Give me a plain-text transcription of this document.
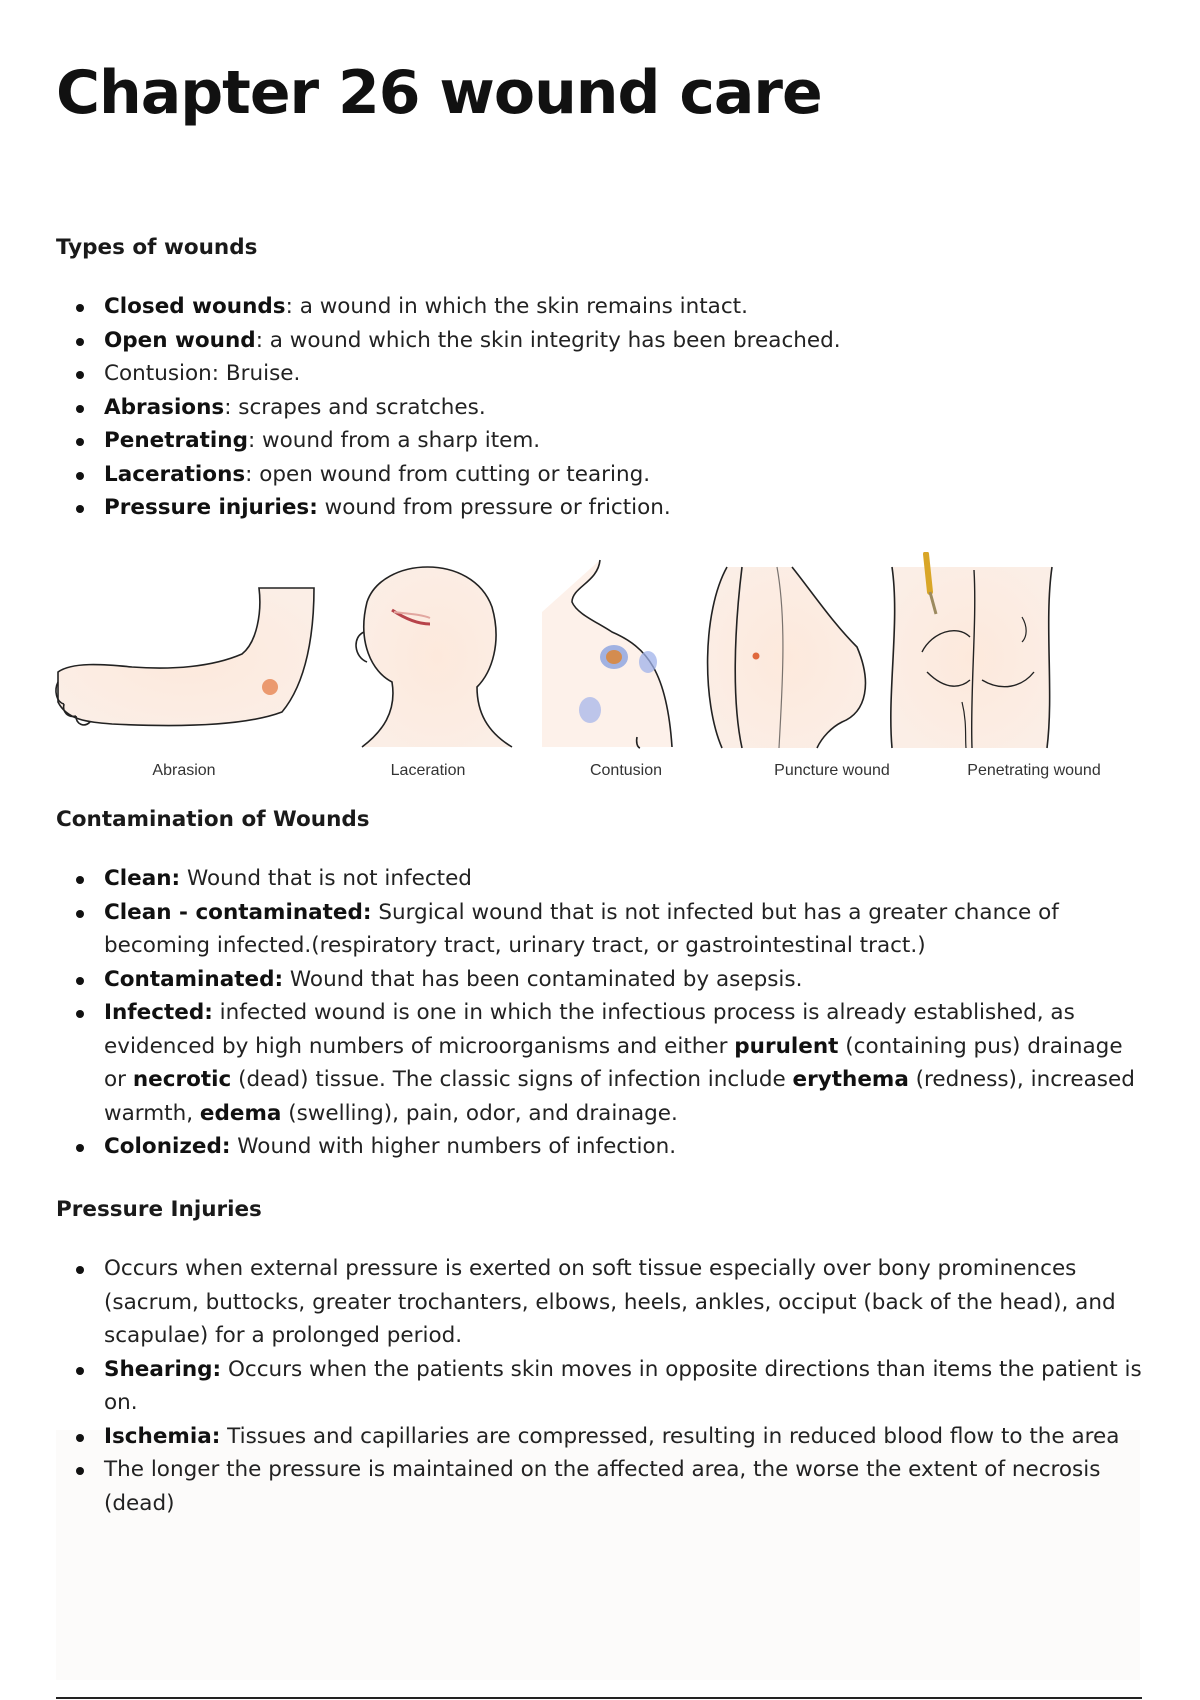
Chapter 26 wound care
Types of wounds
Closed wounds: a wound in which the skin remains intact.
Open wound: a wound which the skin integrity has been breached.
Contusion: Bruise.
Abrasions: scrapes and scratches.
Penetrating: wound from a sharp item.
Lacerations: open wound from cutting or tearing.
Pressure injuries: wound from pressure or friction.
Abrasion	Laceration	Contusion	Puncture wound	Penetrating wound
Contamination of Wounds
Clean: Wound that is not infected
Clean - contaminated: Surgical wound that is not infected but has a greater chance of becoming infected.(respiratory tract, urinary tract, or gastrointestinal tract.)
Contaminated: Wound that has been contaminated by asepsis.
Infected: infected wound is one in which the infectious process is already established, as evidenced by high numbers of microorganisms and either purulent (containing pus) drainage or necrotic (dead) tissue. The classic signs of infection include erythema (redness), increased warmth, edema (swelling), pain, odor, and drainage.
Colonized: Wound with higher numbers of infection.
Pressure Injuries
Occurs when external pressure is exerted on soft tissue especially over bony prominences (sacrum, buttocks, greater trochanters, elbows, heels, ankles, occiput (back of the head), and scapulae) for a prolonged period.
Shearing: Occurs when the patients skin moves in opposite directions than items the patient is on.
Ischemia: Tissues and capillaries are compressed, resulting in reduced blood flow to the area
The longer the pressure is maintained on the affected area, the worse the extent of necrosis (dead)
